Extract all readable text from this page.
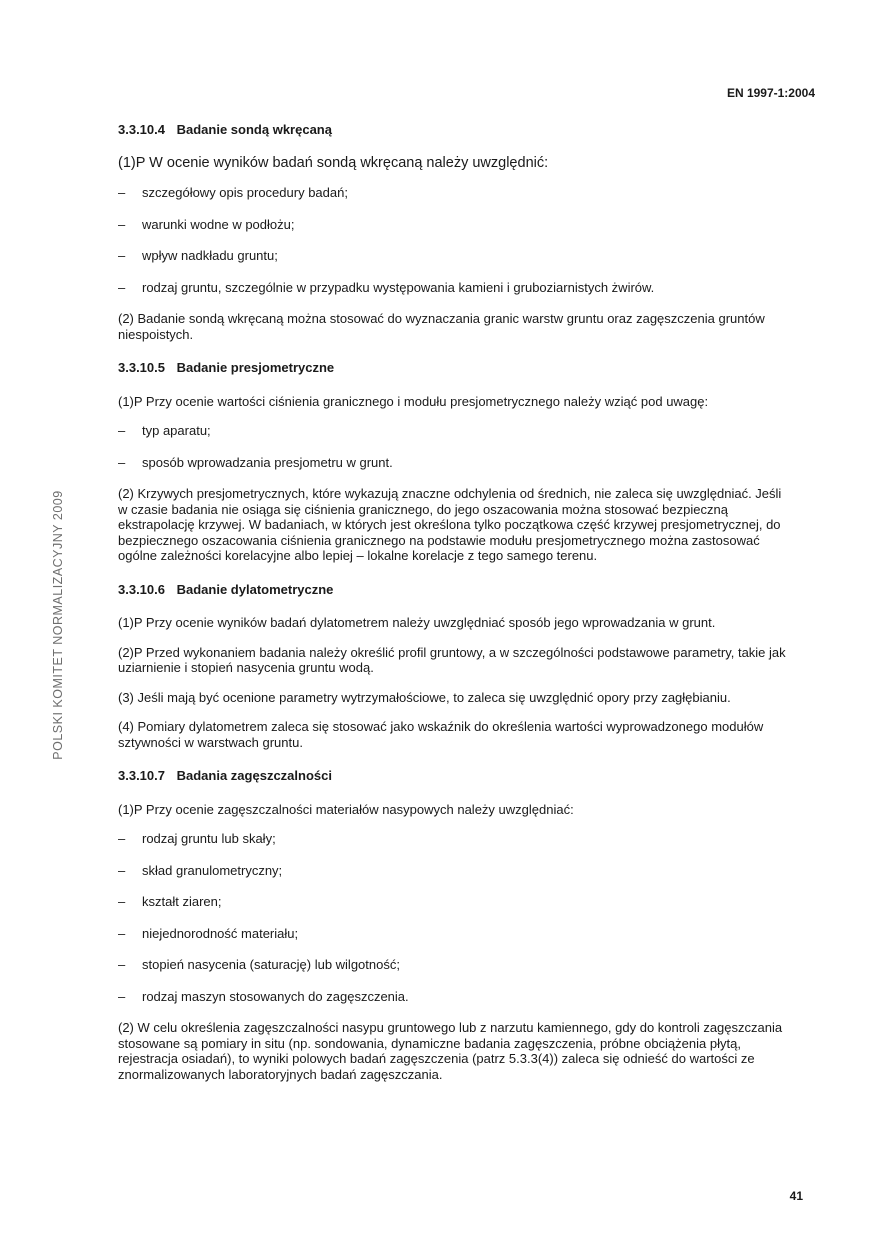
EN 1997-1:2004
POLSKI KOMITET NORMALIZACYJNY 2009
3.3.10.4 Badanie sondą wkręcaną

(1)P W ocenie wyników badań sondą wkręcaną należy uwzględnić:

– szczegółowy opis procedury badań;
– warunki wodne w podłożu;
– wpływ nadkładu gruntu;
– rodzaj gruntu, szczególnie w przypadku występowania kamieni i gruboziarnistych żwirów.

(2) Badanie sondą wkręcaną można stosować do wyznaczania granic warstw gruntu oraz zagęszczenia gruntów niespoistych.

3.3.10.5 Badanie presjometryczne

(1)P Przy ocenie wartości ciśnienia granicznego i modułu presjometrycznego należy wziąć pod uwagę:

– typ aparatu;
– sposób wprowadzania presjometru w grunt.

(2) Krzywych presjometrycznych, które wykazują znaczne odchylenia od średnich, nie zaleca się uwzględniać. Jeśli w czasie badania nie osiąga się ciśnienia granicznego, do jego oszacowania można stosować bezpieczną ekstrapolację krzywej. W badaniach, w których jest określona tylko początkowa część krzywej presjometrycznej, do bezpiecznego oszacowania ciśnienia granicznego na podstawie modułu presjometrycznego można zastosować ogólne zależności korelacyjne albo lepiej – lokalne korelacje z tego samego terenu.

3.3.10.6 Badanie dylatometryczne

(1)P Przy ocenie wyników badań dylatometrem należy uwzględniać sposób jego wprowadzania w grunt.

(2)P Przed wykonaniem badania należy określić profil gruntowy, a w szczególności podstawowe parametry, takie jak uziarnienie i stopień nasycenia gruntu wodą.

(3) Jeśli mają być ocenione parametry wytrzymałościowe, to zaleca się uwzględnić opory przy zagłębianiu.

(4) Pomiary dylatometrem zaleca się stosować jako wskaźnik do określenia wartości wyprowadzonego modułów sztywności w warstwach gruntu.

3.3.10.7 Badania zagęszczalności

(1)P Przy ocenie zagęszczalności materiałów nasypowych należy uwzględniać:

– rodzaj gruntu lub skały;
– skład granulometryczny;
– kształt ziaren;
– niejednorodność materiału;
– stopień nasycenia (saturację) lub wilgotność;
– rodzaj maszyn stosowanych do zagęszczenia.

(2) W celu określenia zagęszczalności nasypu gruntowego lub z narzutu kamiennego, gdy do kontroli zagęszczania stosowane są pomiary in situ (np. sondowania, dynamiczne badania zagęszczenia, próbne obciążenia płytą, rejestracja osiadań), to wyniki polowych badań zagęszczenia (patrz 5.3.3(4)) zaleca się odnieść do wartości ze znormalizowanych laboratoryjnych badań zagęszczania.

41
